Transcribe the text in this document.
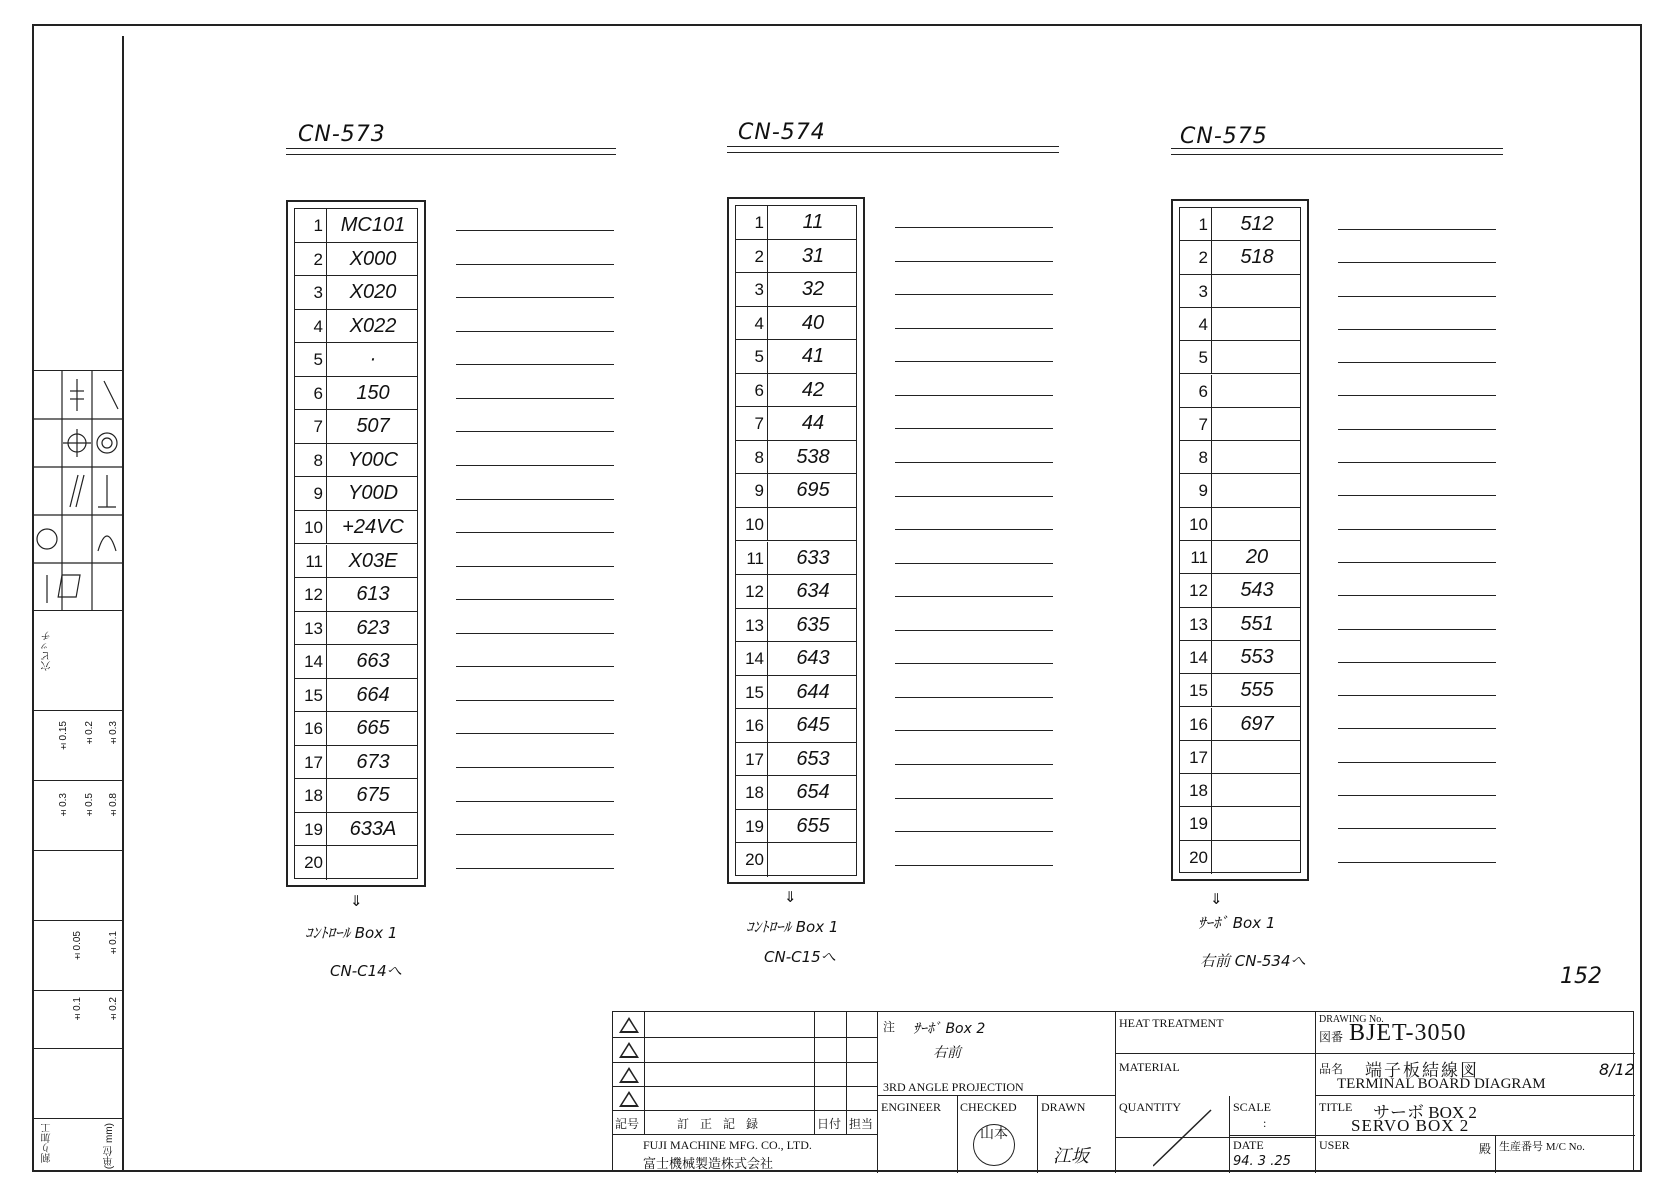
穴ピッチ
±0.15 ±0.2 ±0.3
±0.3 ±0.5 ±0.8
±0.05	±0.1
±0.1	±0.2
割り加工	(単位 mm)
CN-573
1 MC101
2	X000
3	X020
4	X022
5	·
6	150
7	507
8	Y00C
9	Y00D
10 +24VC
11	X03E
12	613
13	623
14	663
15	664
16	665
17	673
18	675
19	633A
20
⇓
ｺﾝﾄﾛｰﾙ Box 1
CN-C14へ
CN-574
1	11
2	31
3	32
4	40
5	41
6	42
7	44
8	538
9	695
10
11	633
12	634
13	635
14	643
15	644
16	645
17	653
18	654
19	655
20
⇓
ｺﾝﾄﾛｰﾙ Box 1
CN-C15へ
CN-575
1	512
2	518
3
4
5
6
7
8
9
10
11	20
12	543
13	551
14	553
15	555
16	697
17
18
19
20
⇓
ｻｰﾎﾞ Box 1
右前 CN-534へ
152
記号	訂 正 記 録	日付 担当
FUJI MACHINE MFG. CO., LTD.
富士機械製造株式会社
注 ｻｰﾎﾞ Box 2
右前
3RD ANGLE PROJECTION
ENGINEER CHECKED DRAWN
山本
江坂
HEAT TREATMENT
MATERIAL
QUANTITY	SCALE
:
DATE
94. 3 .25
DRAWING No.
図番 BJET-3050
品名 端子板結線図
TERMINAL BOARD DIAGRAM
8/12
TITLE サーボ BOX 2
SERVO BOX 2
USER	殿 生産番号 M/C No.
